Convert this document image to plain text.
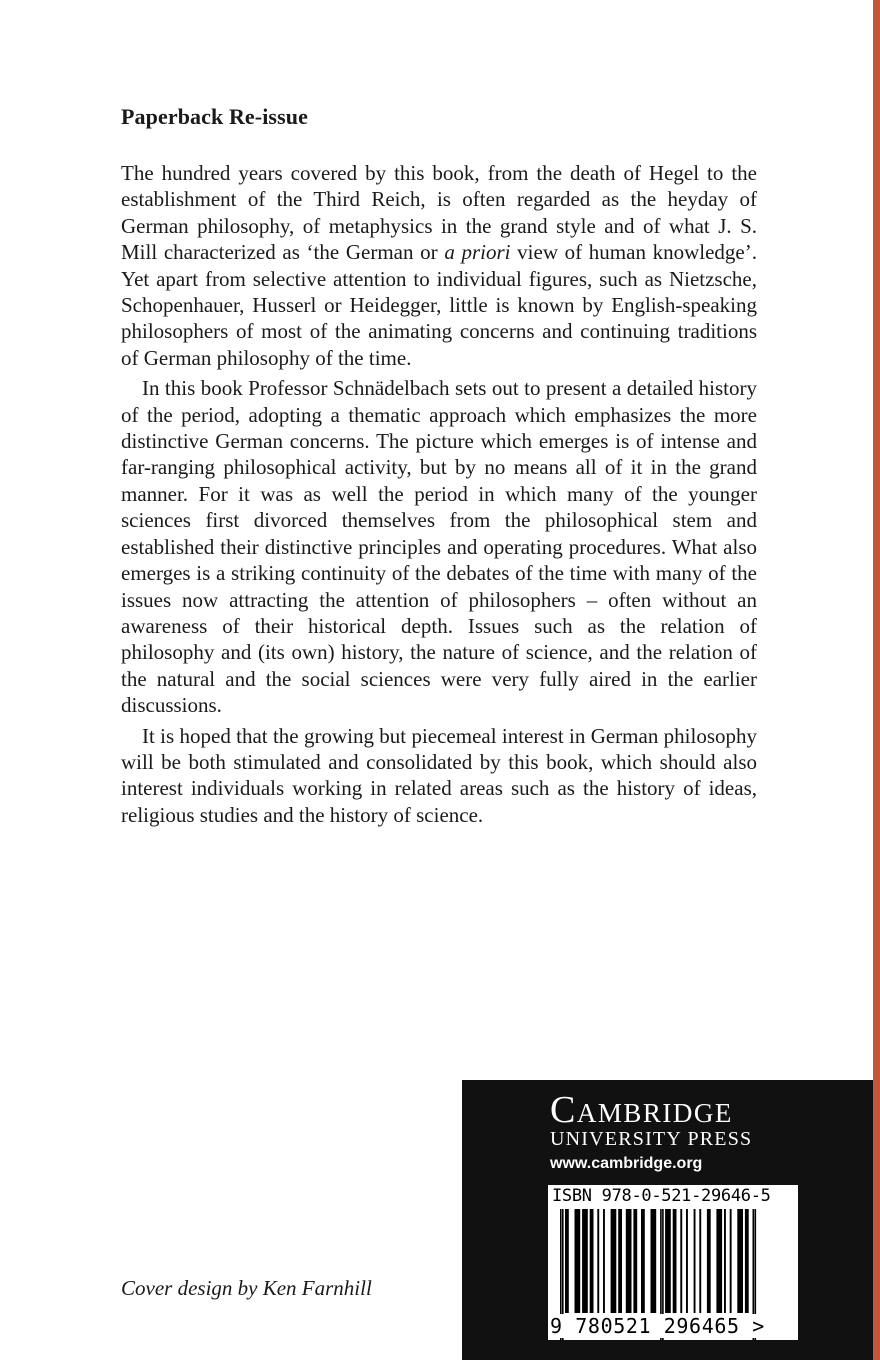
Paperback Re-issue

The hundred years covered by this book, from the death of Hegel to the establishment of the Third Reich, is often regarded as the heyday of German philosophy, of metaphysics in the grand style and of what J. S. Mill characterized as ‘the German or a priori view of human knowledge’. Yet apart from selective attention to individual figures, such as Nietzsche, Schopenhauer, Husserl or Heidegger, little is known by English-speaking philosophers of most of the animating concerns and continuing traditions of German philosophy of the time.

In this book Professor Schnädelbach sets out to present a detailed history of the period, adopting a thematic approach which emphasizes the more distinctive German concerns. The picture which emerges is of intense and far-ranging philosophical activity, but by no means all of it in the grand manner. For it was as well the period in which many of the younger sciences first divorced themselves from the philosophical stem and established their distinctive principles and operating procedures. What also emerges is a striking continuity of the debates of the time with many of the issues now attracting the attention of philosophers – often without an awareness of their historical depth. Issues such as the relation of philosophy and (its own) history, the nature of science, and the relation of the natural and the social sciences were very fully aired in the earlier discussions.

It is hoped that the growing but piecemeal interest in German philosophy will be both stimulated and consolidated by this book, which should also interest individuals working in related areas such as the history of ideas, religious studies and the history of science.

Cover design by Ken Farnhill
Cambridge
UNIVERSITY PRESS
www.cambridge.org
ISBN 978-0-521-29646-5
9 780521 296465 >
